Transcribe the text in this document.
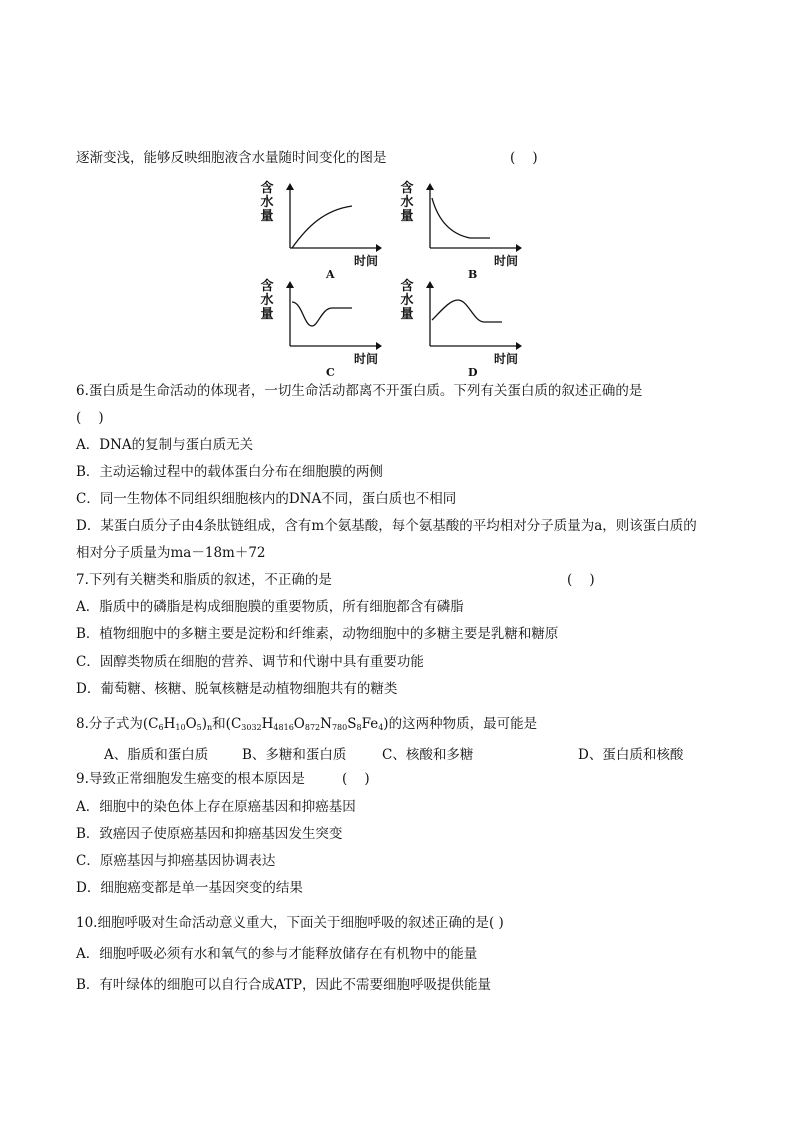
逐渐变浅，能够反映细胞液含水量随时间变化的图是	(    )
含
水
量
时间
A
含
水
量
时间
B
含
水
量
时间
C
含
水
量
时间
D
6.蛋白质是生命活动的体现者，一切生命活动都离不开蛋白质。下列有关蛋白质的叙述正确的是
(    )
A．DNA的复制与蛋白质无关
B．主动运输过程中的载体蛋白分布在细胞膜的两侧
C．同一生物体不同组织细胞核内的DNA不同，蛋白质也不相同
D．某蛋白质分子由4条肽链组成，含有m个氨基酸，每个氨基酸的平均相对分子质量为a，则该蛋白质的
相对分子质量为ma－18m＋72
7.下列有关糖类和脂质的叙述，不正确的是	(    )
A．脂质中的磷脂是构成细胞膜的重要物质，所有细胞都含有磷脂
B．植物细胞中的多糖主要是淀粉和纤维素，动物细胞中的多糖主要是乳糖和糖原
C．固醇类物质在细胞的营养、调节和代谢中具有重要功能
D．葡萄糖、核糖、脱氧核糖是动植物细胞共有的糖类
8.分子式为$(C_6H_{10}O_5)_n$和$(C_{3032}H_{4816}O_{872}N_{780}S_8Fe_4)$的这两种物质，最可能是
A、脂质和蛋白质	B、多糖和蛋白质	C、核酸和多糖	D、蛋白质和核酸
9.导致正常细胞发生癌变的根本原因是	(    )
A．细胞中的染色体上存在原癌基因和抑癌基因
B．致癌因子使原癌基因和抑癌基因发生突变
C．原癌基因与抑癌基因协调表达
D．细胞癌变都是单一基因突变的结果
10.细胞呼吸对生命活动意义重大，下面关于细胞呼吸的叙述正确的是( )
A．细胞呼吸必须有水和氧气的参与才能释放储存在有机物中的能量
B．有叶绿体的细胞可以自行合成ATP，因此不需要细胞呼吸提供能量
